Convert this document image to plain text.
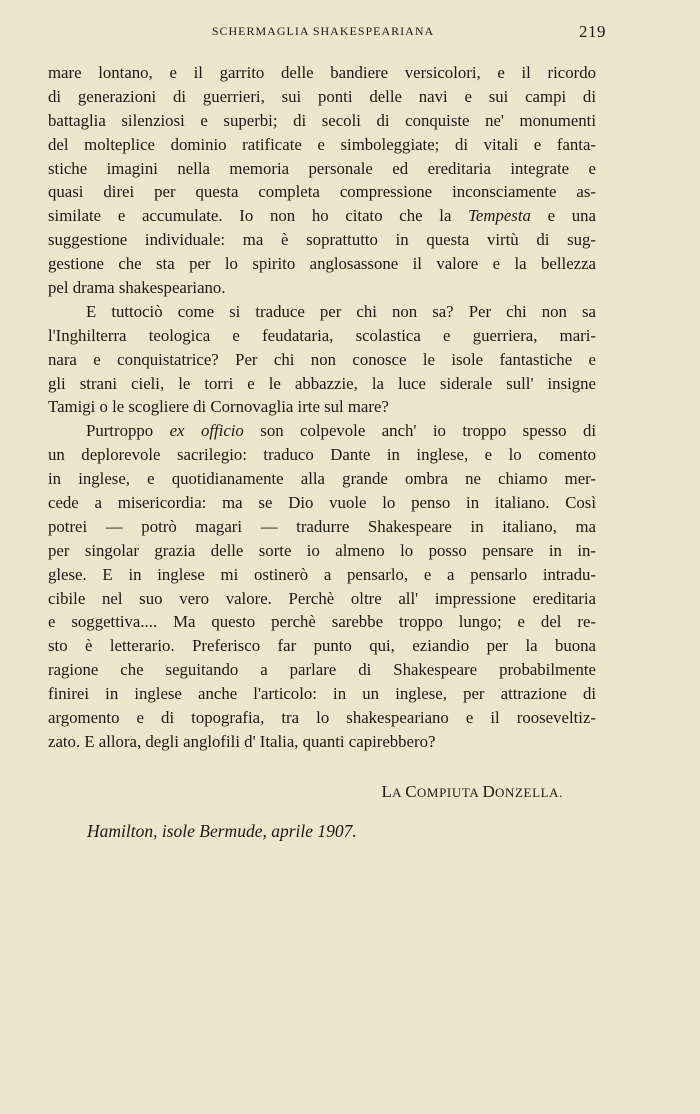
SCHERMAGLIA SHAKESPEARIANA	219
mare lontano, e il garrito delle bandiere versicolori, e il ricordo
di generazioni di guerrieri, sui ponti delle navi e sui campi di
battaglia silenziosi e superbi; di secoli di conquiste ne' monumenti
del molteplice dominio ratificate e simboleggiate; di vitali e fanta-
stiche imagini nella memoria personale ed ereditaria integrate e
quasi direi per questa completa compressione inconsciamente as-
similate e accumulate. Io non ho citato che la Tempesta e una
suggestione individuale: ma è soprattutto in questa virtù di sug-
gestione che sta per lo spirito anglosassone il valore e la bellezza
pel drama shakespeariano.
E tuttociò come si traduce per chi non sa? Per chi non sa
l'Inghilterra teologica e feudataria, scolastica e guerriera, mari-
nara e conquistatrice? Per chi non conosce le isole fantastiche e
gli strani cieli, le torri e le abbazzie, la luce siderale sull' insigne
Tamigi o le scogliere di Cornovaglia irte sul mare?
Purtroppo ex officio son colpevole anch' io troppo spesso di
un deplorevole sacrilegio: traduco Dante in inglese, e lo comento
in inglese, e quotidianamente alla grande ombra ne chiamo mer-
cede a misericordia: ma se Dio vuole lo penso in italiano. Così
potrei — potrò magari — tradurre Shakespeare in italiano, ma
per singolar grazia delle sorte io almeno lo posso pensare in in-
glese. E in inglese mi ostinerò a pensarlo, e a pensarlo intradu-
cibile nel suo vero valore. Perchè oltre all' impressione ereditaria
e soggettiva.... Ma questo perchè sarebbe troppo lungo; e del re-
sto è letterario. Preferisco far punto qui, eziandio per la buona
ragione che seguitando a parlare di Shakespeare probabilmente
finirei in inglese anche l'articolo: in un inglese, per attrazione di
argomento e di topografia, tra lo shakespeariano e il rooseveltiz-
zato. E allora, degli anglofili d' Italia, quanti capirebbero?
LA COMPIUTA DONZELLA.
Hamilton, isole Bermude, aprile 1907.
